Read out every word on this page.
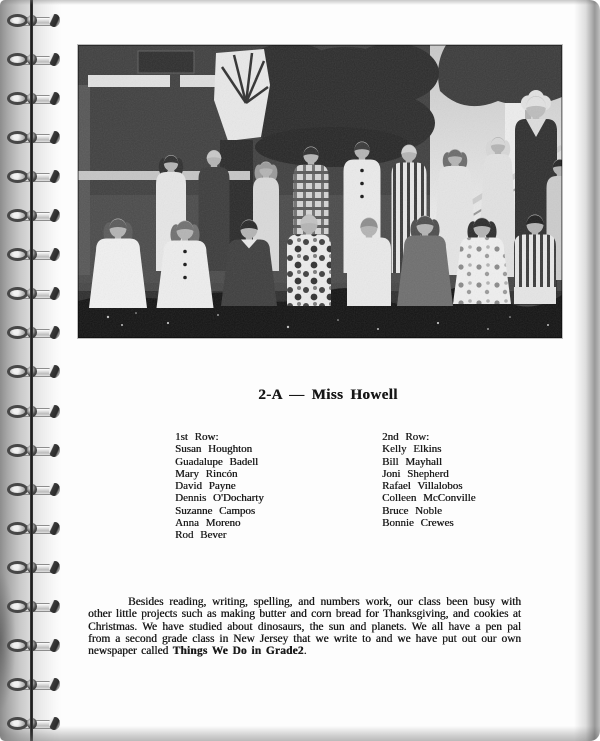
2-A — Miss Howell
1st Row:
Susan Houghton
Guadalupe Badell
Mary Rincón
David Payne
Dennis O'Docharty
Suzanne Campos
Anna Moreno
Rod Bever
2nd Row:
Kelly Elkins
Bill Mayhall
Joni Shepherd
Rafael Villalobos
Colleen McConville
Bruce Noble
Bonnie Crewes

Besides reading, writing, spelling, and numbers work, our class been busy with other little projects such as making butter and corn bread for Thanksgiving, and cookies at Christmas. We have studied about dinosaurs, the sun and planets. We all have a pen pal from a second grade class in New Jersey that we write to and we have put out our own newspaper called Things We Do in Grade2.
